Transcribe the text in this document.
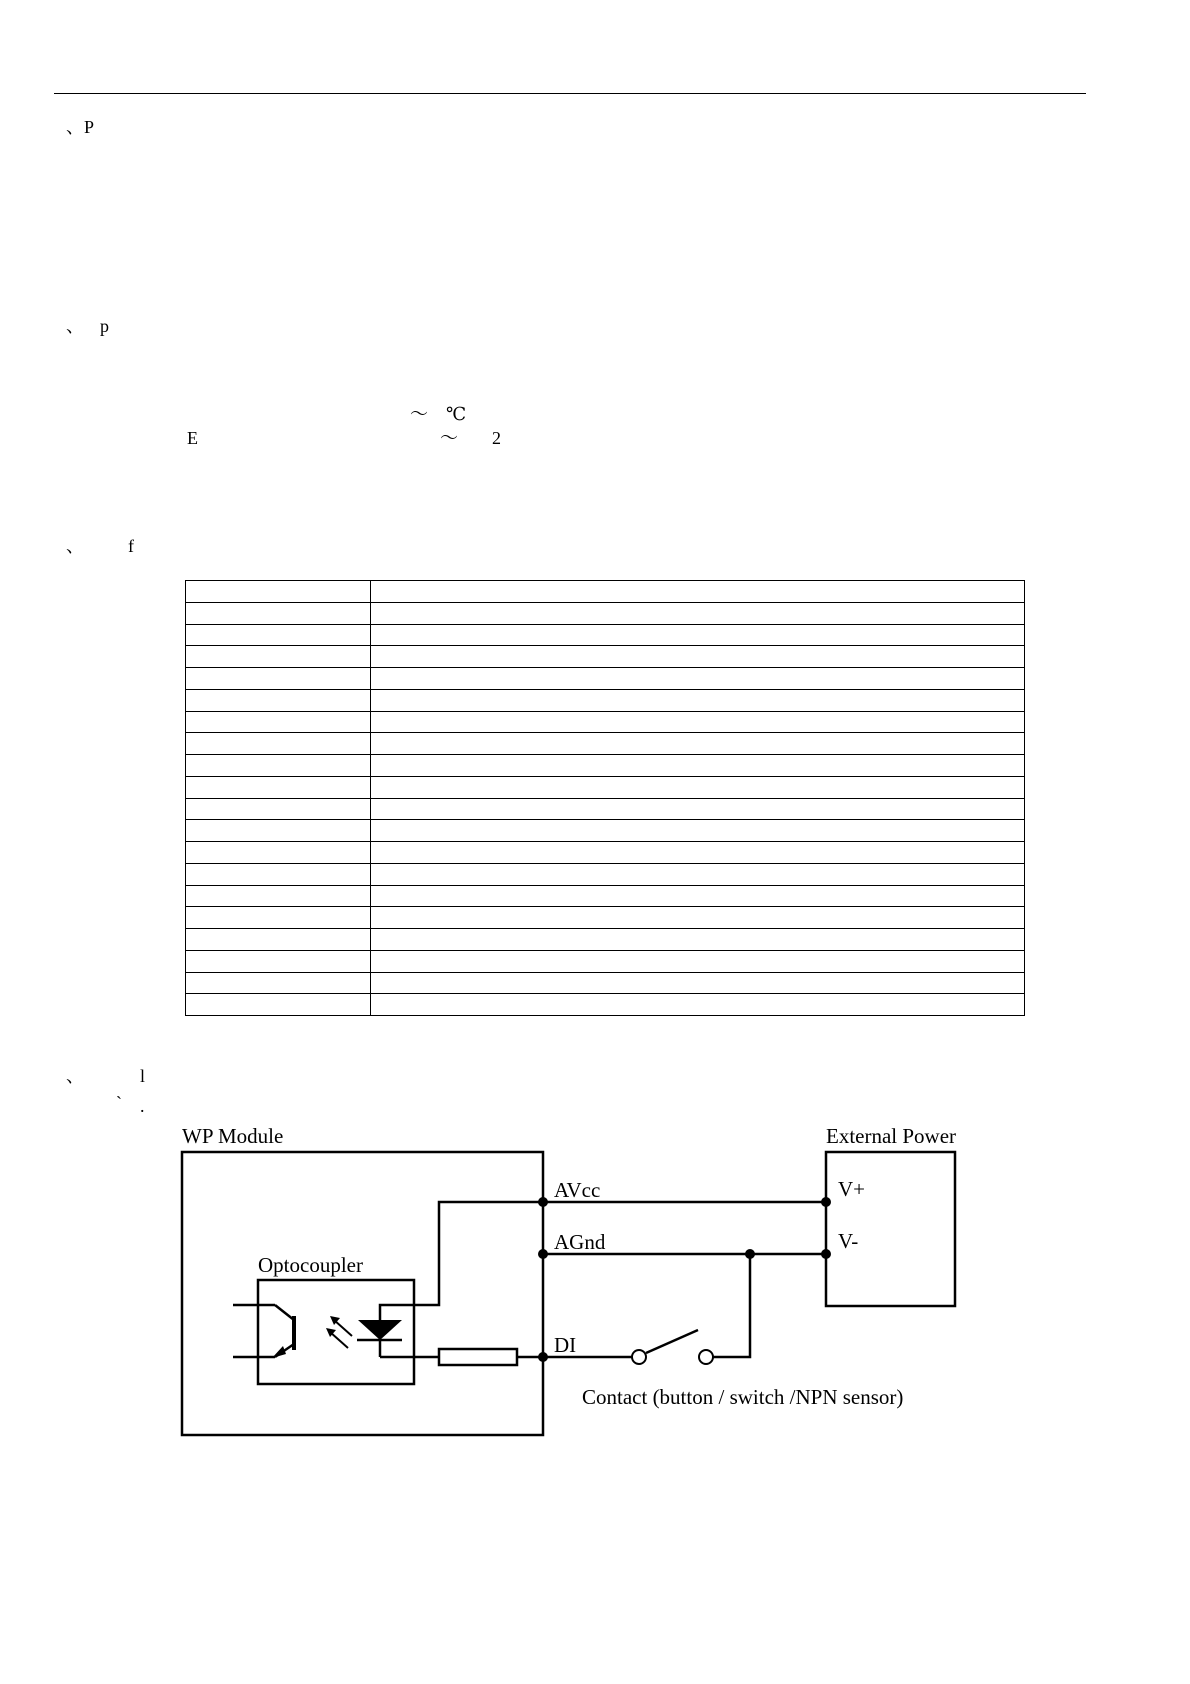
、P
、 p
～ ℃
E	～ 2
、 f

、	l
` .
WP Module	External Power
Optocoupler
AVcc
AGnd
DI
V+
V-
Contact (button / switch /NPN sensor)
